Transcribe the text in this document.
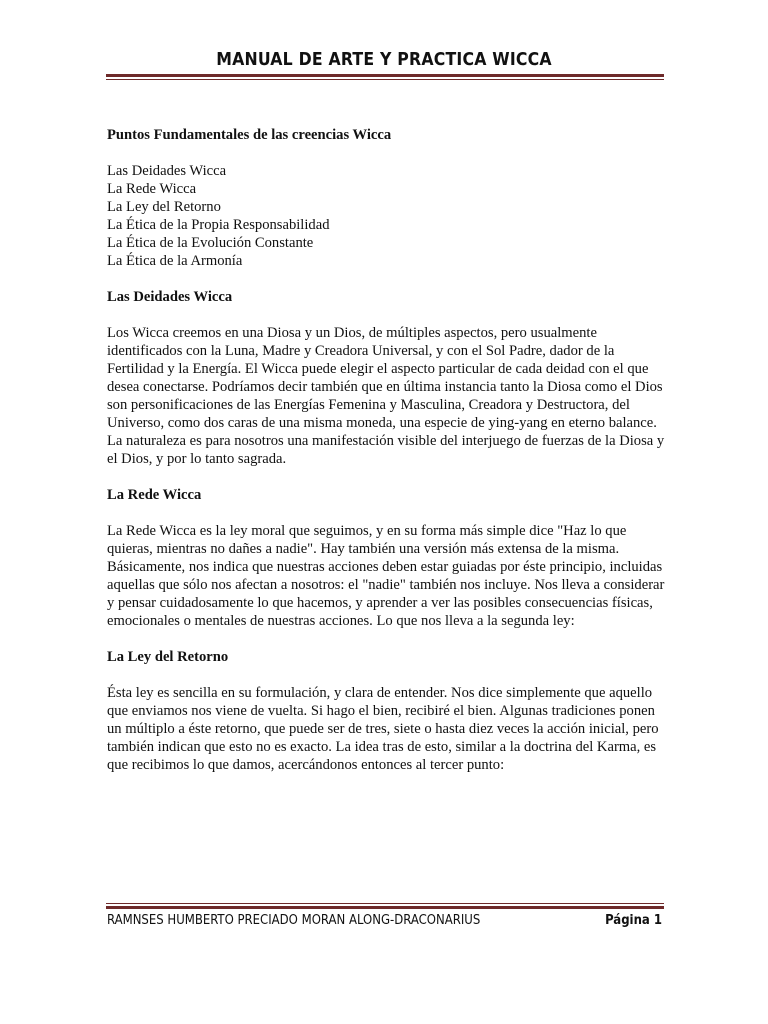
MANUAL DE ARTE Y PRACTICA WICCA
Puntos Fundamentales de las creencias Wicca
Las Deidades Wicca
La Rede Wicca
La Ley del Retorno
La Ética de la Propia Responsabilidad
La Ética de la Evolución Constante
La Ética de la Armonía
Las Deidades Wicca

Los Wicca creemos en una Diosa y un Dios, de múltiples aspectos, pero usualmente identificados con la Luna, Madre y Creadora Universal, y con el Sol Padre, dador de la Fertilidad y la Energía. El Wicca puede elegir el aspecto particular de cada deidad con el que desea conectarse. Podríamos decir también que en última instancia tanto la Diosa como el Dios son personificaciones de las Energías Femenina y Masculina, Creadora y Destructora, del Universo, como dos caras de una misma moneda, una especie de ying-yang en eterno balance. La naturaleza es para nosotros una manifestación visible del interjuego de fuerzas de la Diosa y el Dios, y por lo tanto sagrada.

La Rede Wicca

La Rede Wicca es la ley moral que seguimos, y en su forma más simple dice "Haz lo que quieras, mientras no dañes a nadie". Hay también una versión más extensa de la misma. Básicamente, nos indica que nuestras acciones deben estar guiadas por éste principio, incluidas aquellas que sólo nos afectan a nosotros: el "nadie" también nos incluye. Nos lleva a considerar y pensar cuidadosamente lo que hacemos, y aprender a ver las posibles consecuencias físicas, emocionales o mentales de nuestras acciones. Lo que nos lleva a la segunda ley:

La Ley del Retorno

Ésta ley es sencilla en su formulación, y clara de entender. Nos dice simplemente que aquello que enviamos nos viene de vuelta. Si hago el bien, recibiré el bien. Algunas tradiciones ponen un múltiplo a éste retorno, que puede ser de tres, siete o hasta diez veces la acción inicial, pero también indican que esto no es exacto. La idea tras de esto, similar a la doctrina del Karma, es que recibimos lo que damos, acercándonos entonces al tercer punto:

RAMNSES HUMBERTO PRECIADO MORAN ALONG-DRACONARIUS	Página 1
